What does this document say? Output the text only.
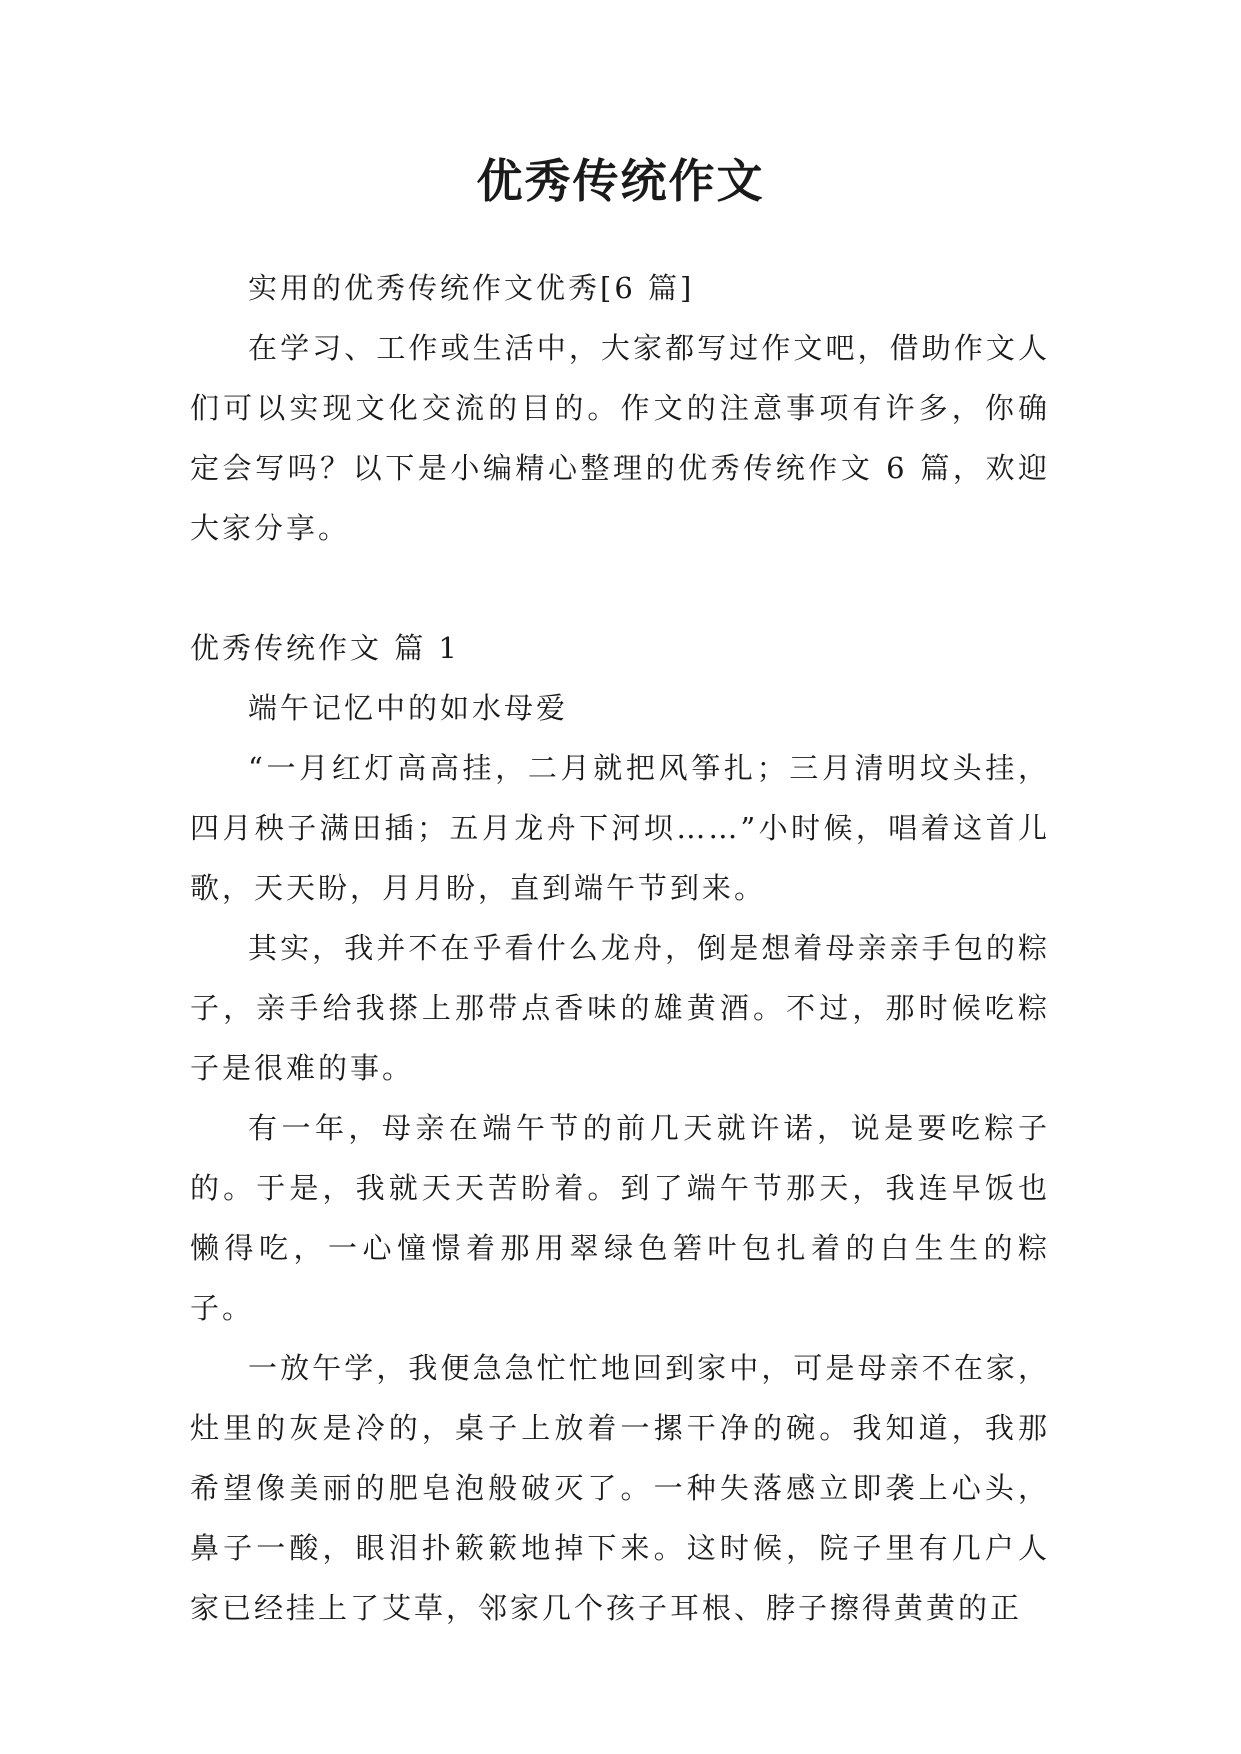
优秀传统作文

实用的优秀传统作文优秀[6 篇]

在学习、工作或生活中，大家都写过作文吧，借助作文人们可以实现文化交流的目的。作文的注意事项有许多，你确定会写吗？以下是小编精心整理的优秀传统作文 6 篇，欢迎大家分享。

优秀传统作文 篇 1

端午记忆中的如水母爱

“一月红灯高高挂，二月就把风筝扎；三月清明坟头挂，四月秧子满田插；五月龙舟下河坝……”小时候，唱着这首儿歌，天天盼，月月盼，直到端午节到来。

其实，我并不在乎看什么龙舟，倒是想着母亲亲手包的粽子，亲手给我搽上那带点香味的雄黄酒。不过，那时候吃粽子是很难的事。

有一年，母亲在端午节的前几天就许诺，说是要吃粽子的。于是，我就天天苦盼着。到了端午节那天，我连早饭也懒得吃，一心憧憬着那用翠绿色箬叶包扎着的白生生的粽子。

一放午学，我便急急忙忙地回到家中，可是母亲不在家，灶里的灰是冷的，桌子上放着一摞干净的碗。我知道，我那希望像美丽的肥皂泡般破灭了。一种失落感立即袭上心头，鼻子一酸，眼泪扑簌簌地掉下来。这时候，院子里有几户人家已经挂上了艾草，邻家几个孩子耳根、脖子擦得黄黄的正
